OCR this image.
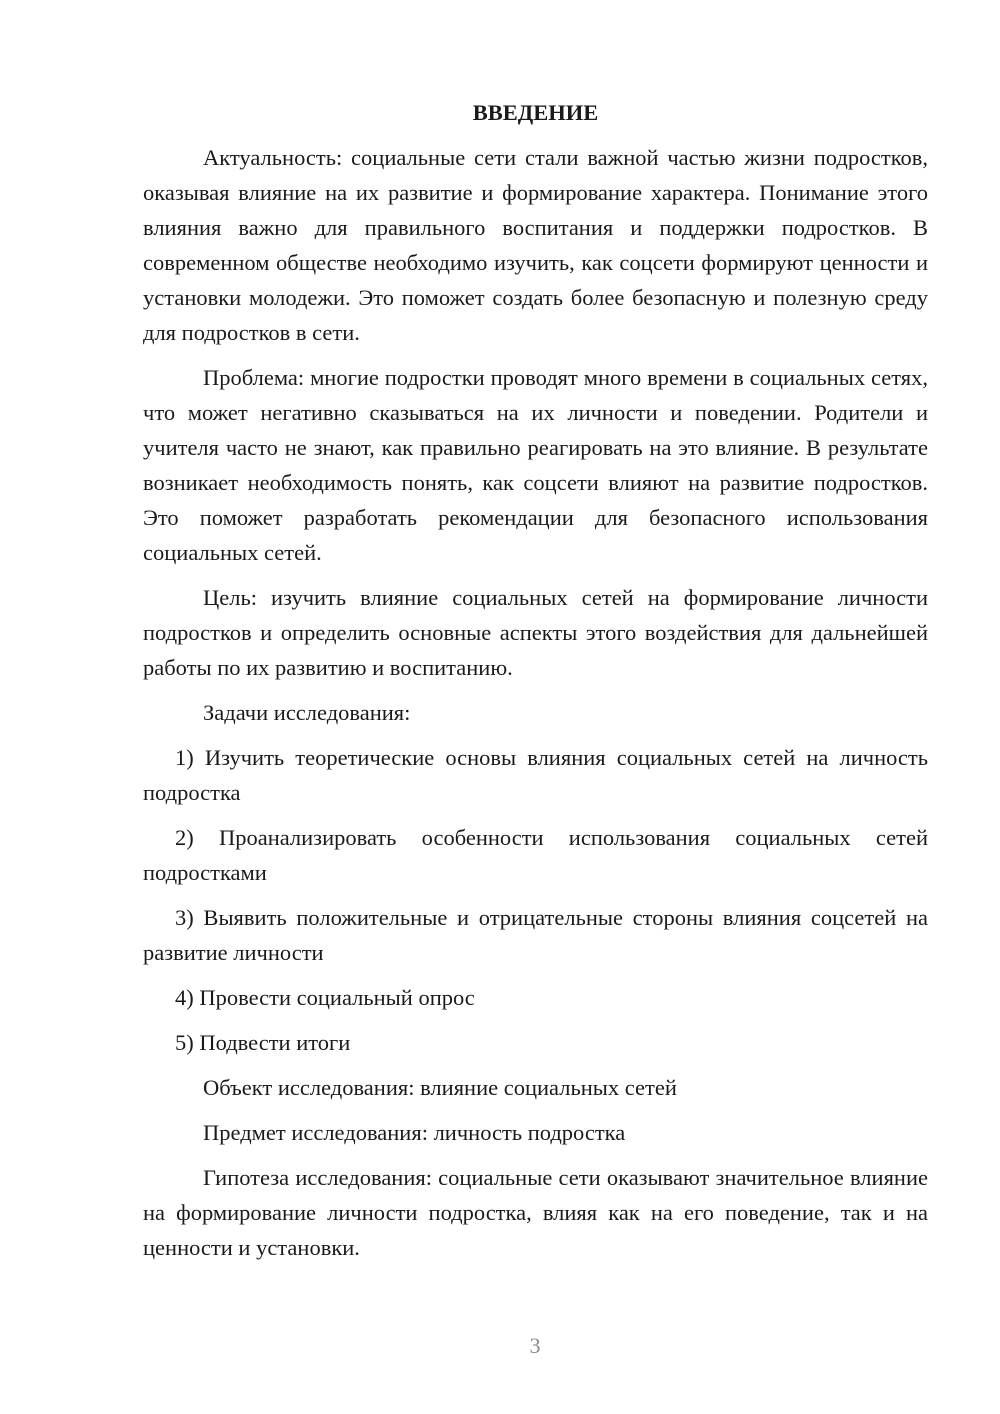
ВВЕДЕНИЕ

Актуальность: социальные сети стали важной частью жизни подростков, оказывая влияние на их развитие и формирование характера. Понимание этого влияния важно для правильного воспитания и поддержки подростков. В современном обществе необходимо изучить, как соцсети формируют ценности и установки молодежи. Это поможет создать более безопасную и полезную среду для подростков в сети.

Проблема: многие подростки проводят много времени в социальных сетях, что может негативно сказываться на их личности и поведении. Родители и учителя часто не знают, как правильно реагировать на это влияние. В результате возникает необходимость понять, как соцсети влияют на развитие подростков. Это поможет разработать рекомендации для безопасного использования социальных сетей.

Цель: изучить влияние социальных сетей на формирование личности подростков и определить основные аспекты этого воздействия для дальнейшей работы по их развитию и воспитанию.

Задачи исследования:

1) Изучить теоретические основы влияния социальных сетей на личность подростка

2) Проанализировать особенности использования социальных сетей подростками

3) Выявить положительные и отрицательные стороны влияния соцсетей на развитие личности

4) Провести социальный опрос

5) Подвести итоги

Объект исследования: влияние социальных сетей

Предмет исследования: личность подростка

Гипотеза исследования: социальные сети оказывают значительное влияние на формирование личности подростка, влияя как на его поведение, так и на ценности и установки.

3
